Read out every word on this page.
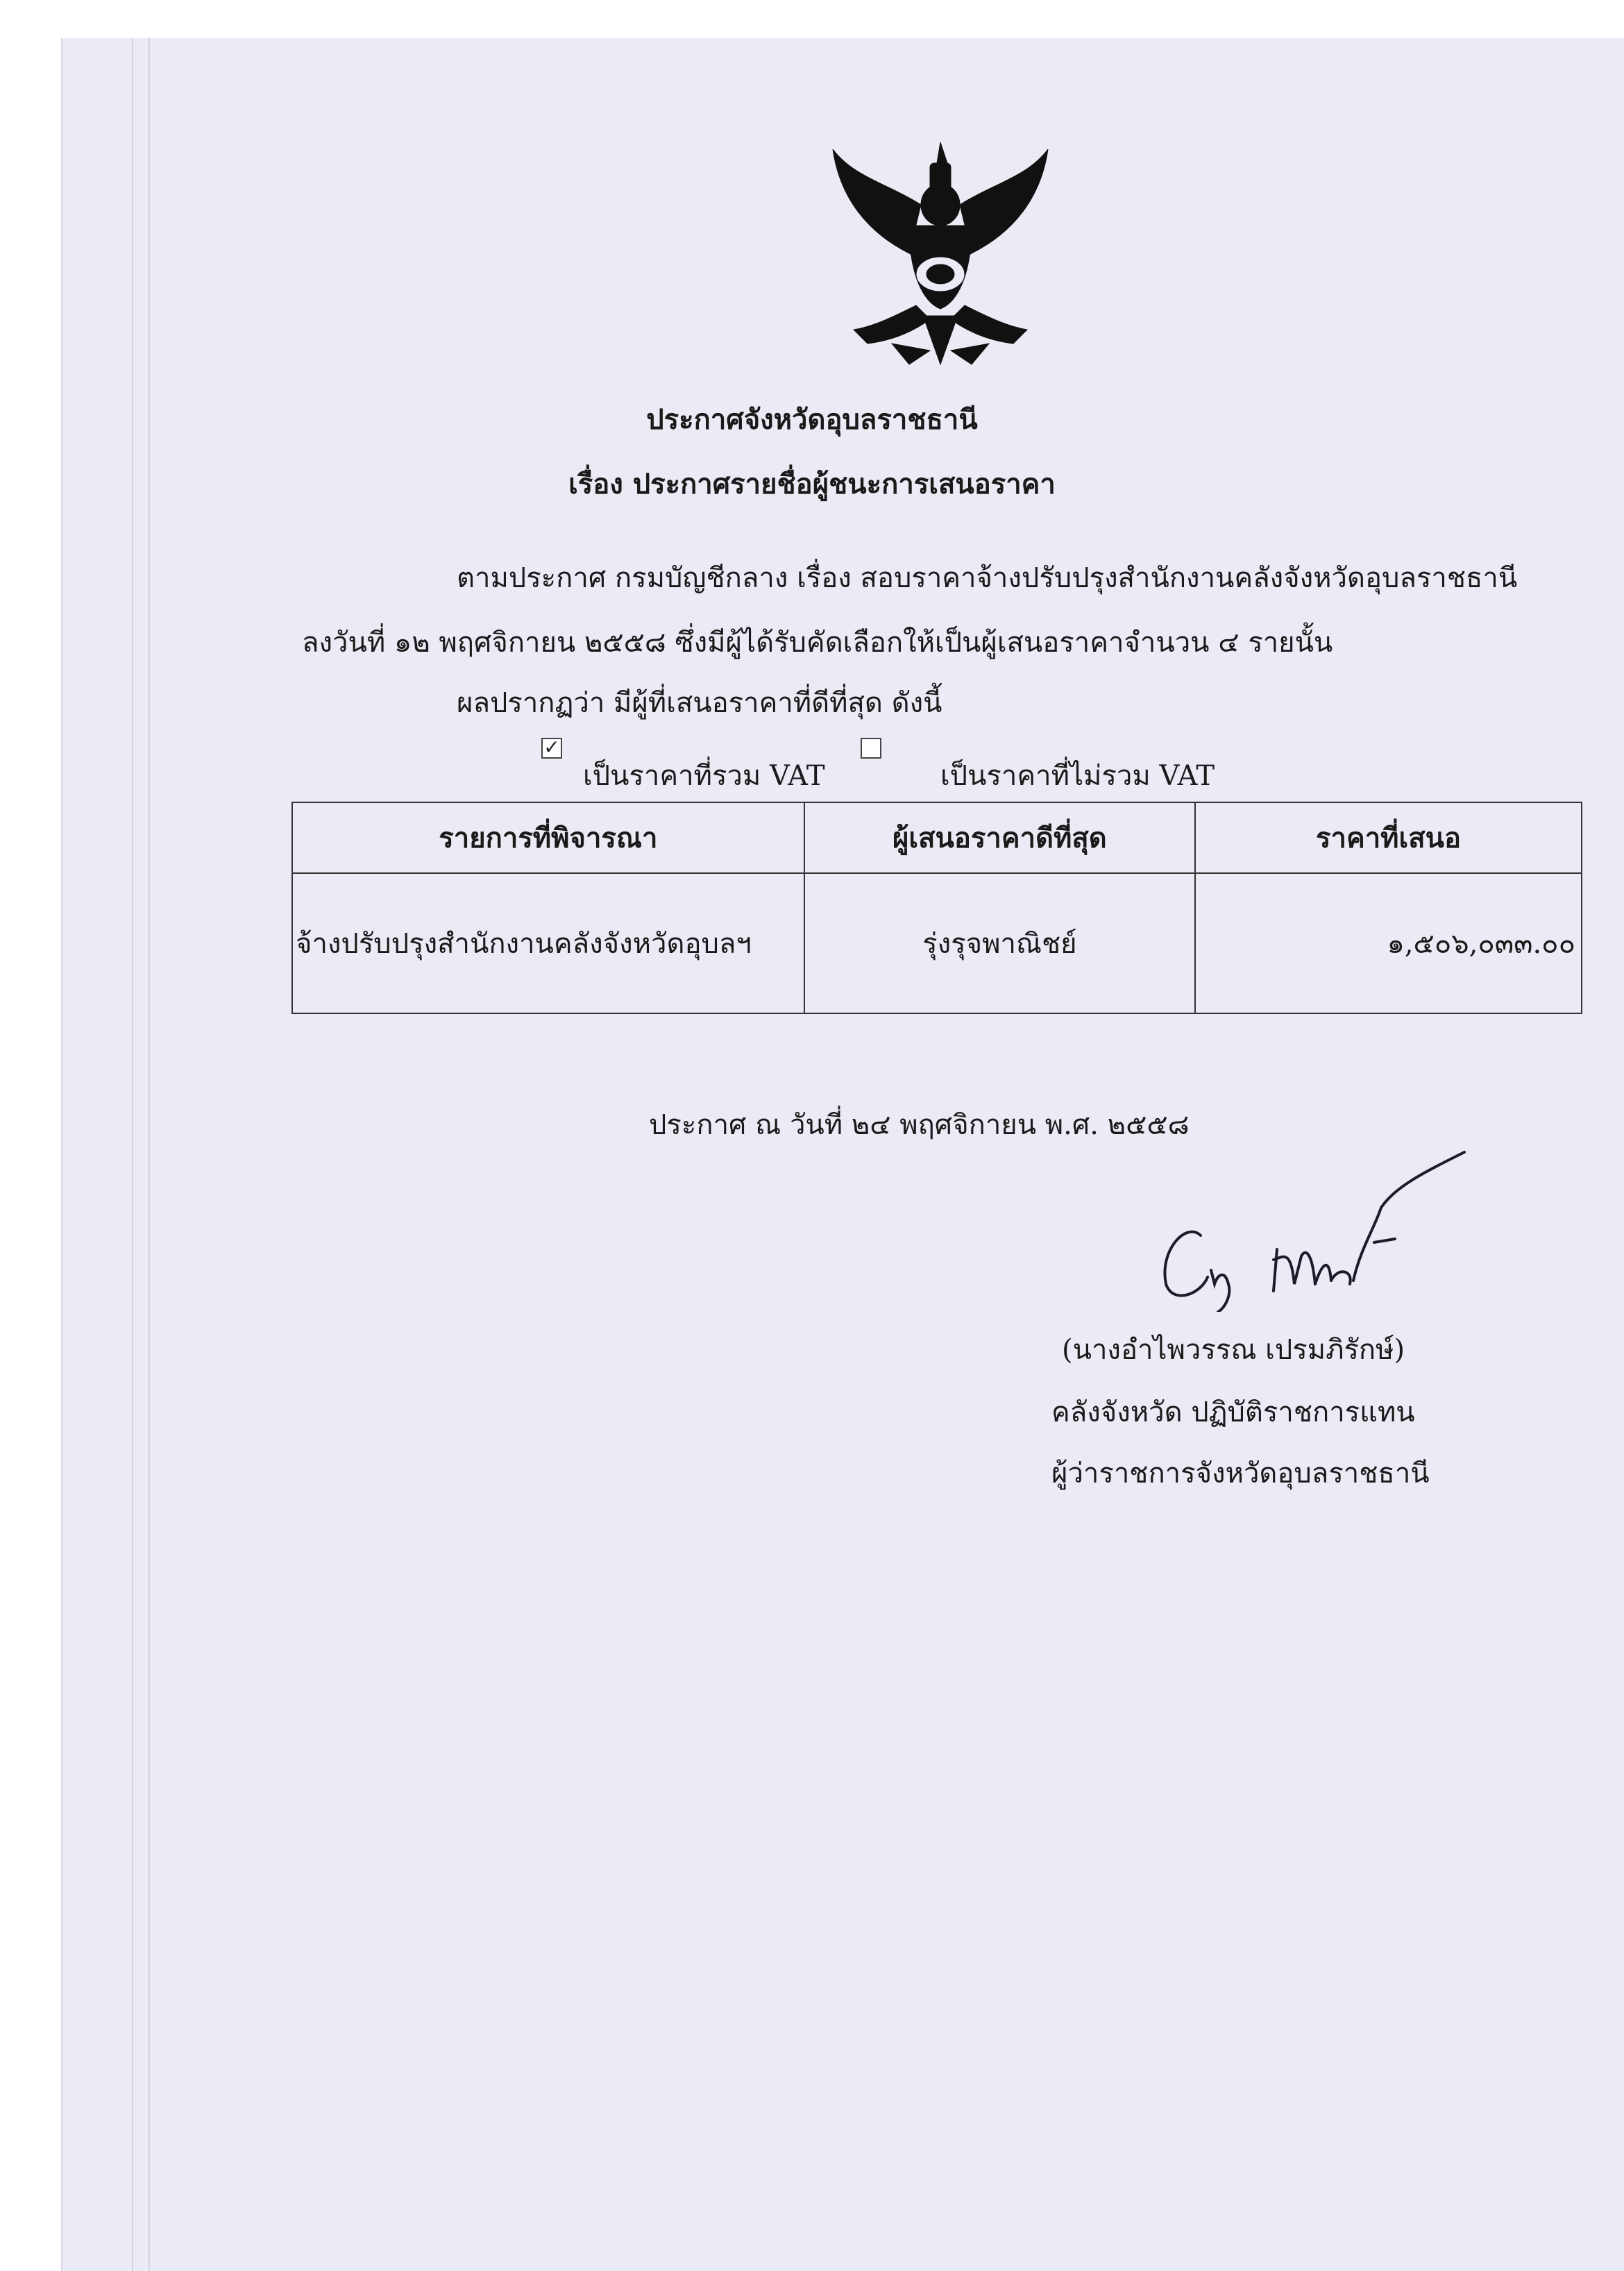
ประกาศจังหวัดอุบลราชธานี
เรื่อง ประกาศรายชื่อผู้ชนะการเสนอราคา
ตามประกาศ กรมบัญชีกลาง เรื่อง สอบราคาจ้างปรับปรุงสำนักงานคลังจังหวัดอุบลราชธานี
ลงวันที่ ๑๒ พฤศจิกายน ๒๕๕๘ ซึ่งมีผู้ได้รับคัดเลือกให้เป็นผู้เสนอราคาจำนวน ๔ รายนั้น
ผลปรากฏว่า มีผู้ที่เสนอราคาที่ดีที่สุด ดังนี้
✓
เป็นราคาที่รวม VAT	เป็นราคาที่ไม่รวม VAT
รายการที่พิจารณา	ผู้เสนอราคาดีที่สุด	ราคาที่เสนอ
จ้างปรับปรุงสำนักงานคลังจังหวัดอุบลฯ	รุ่งรุจพาณิชย์	๑,๕๐๖,๐๓๓.๐๐
ประกาศ ณ วันที่ ๒๔ พฤศจิกายน พ.ศ. ๒๕๕๘
(นางอำไพวรรณ เปรมภิรักษ์)
คลังจังหวัด ปฏิบัติราชการแทน
ผู้ว่าราชการจังหวัดอุบลราชธานี
